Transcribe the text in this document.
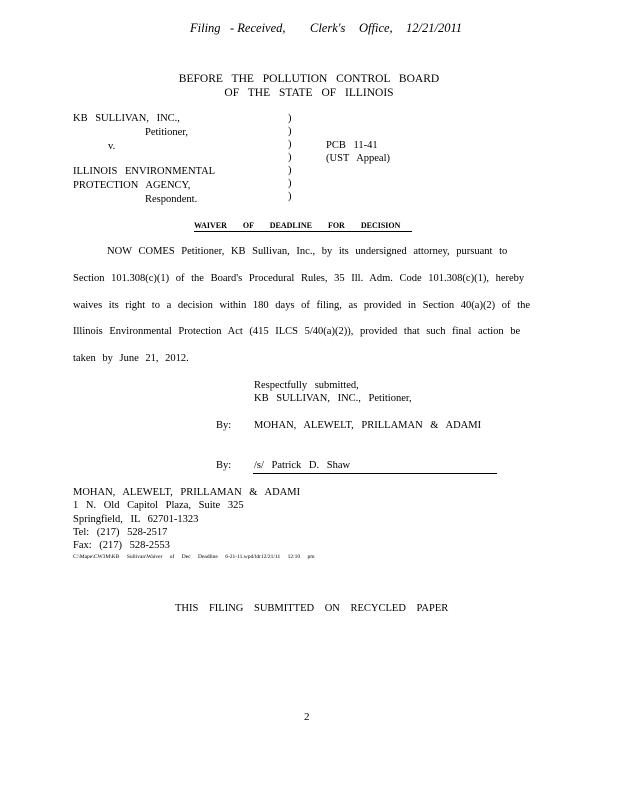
Filing - Received, Clerk's Office, 12/21/2011
BEFORE THE POLLUTION CONTROL BOARD
OF THE STATE OF ILLINOIS
KB SULLIVAN, INC.,
Petitioner,
v.
ILLINOIS ENVIRONMENTAL
PROTECTION AGENCY,
Respondent.
)
)
)
)
)
)
)
PCB 11-41
(UST Appeal)
WAIVER OF DEADLINE FOR DECISION
NOW COMES Petitioner, KB Sullivan, Inc., by its undersigned attorney, pursuant to
Section 101.308(c)(1) of the Board's Procedural Rules, 35 Ill. Adm. Code 101.308(c)(1), hereby
waives its right to a decision within 180 days of filing, as provided in Section 40(a)(2) of the
Illinois Environmental Protection Act (415 ILCS 5/40(a)(2)), provided that such final action be
taken by June 21, 2012.
Respectfully submitted,
KB SULLIVAN, INC., Petitioner,
By: MOHAN, ALEWELT, PRILLAMAN & ADAMI
By: /s/ Patrick D. Shaw
MOHAN, ALEWELT, PRILLAMAN & ADAMI
1 N. Old Capitol Plaza, Suite 325
Springfield, IL 62701-1323
Tel: (217) 528-2517
Fax: (217) 528-2553
C:\Mape\CW3M\KB Sullivan\Waiver of Dec Deadline 6-21-11.wpd/ldr12/21/11 12:10 pm
THIS FILING SUBMITTED ON RECYCLED PAPER
2
